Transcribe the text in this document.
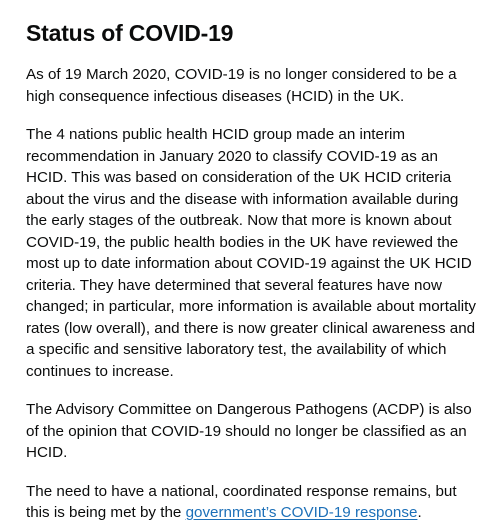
Status of COVID-19

As of 19 March 2020, COVID-19 is no longer considered to be a high consequence infectious diseases (HCID) in the UK.

The 4 nations public health HCID group made an interim recommendation in January 2020 to classify COVID-19 as an HCID. This was based on consideration of the UK HCID criteria about the virus and the disease with information available during the early stages of the outbreak. Now that more is known about COVID-19, the public health bodies in the UK have reviewed the most up to date information about COVID-19 against the UK HCID criteria. They have determined that several features have now changed; in particular, more information is available about mortality rates (low overall), and there is now greater clinical awareness and a specific and sensitive laboratory test, the availability of which continues to increase.

The Advisory Committee on Dangerous Pathogens (ACDP) is also of the opinion that COVID-19 should no longer be classified as an HCID.

The need to have a national, coordinated response remains, but this is being met by the government’s COVID-19 response.
